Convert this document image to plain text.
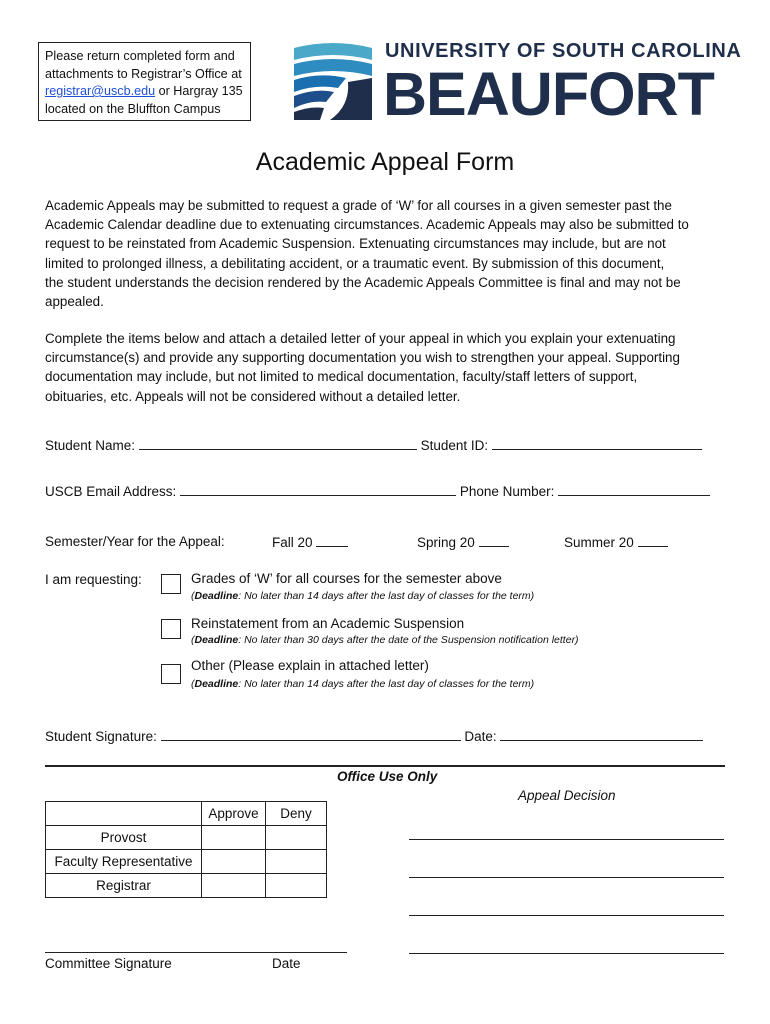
Please return completed form and
attachments to Registrar’s Office at
registrar@uscb.edu or Hargray 135
located on the Bluffton Campus
UNIVERSITY OF SOUTH CAROLINA
BEAUFORT
Academic Appeal Form
Academic Appeals may be submitted to request a grade of ‘W’ for all courses in a given semester past the
Academic Calendar deadline due to extenuating circumstances. Academic Appeals may also be submitted to
request to be reinstated from Academic Suspension. Extenuating circumstances may include, but are not
limited to prolonged illness, a debilitating accident, or a traumatic event. By submission of this document,
the student understands the decision rendered by the Academic Appeals Committee is final and may not be
appealed.
Complete the items below and attach a detailed letter of your appeal in which you explain your extenuating
circumstance(s) and provide any supporting documentation you wish to strengthen your appeal. Supporting
documentation may include, but not limited to medical documentation, faculty/staff letters of support,
obituaries, etc. Appeals will not be considered without a detailed letter.
Student Name:	Student ID:
USCB Email Address:	Phone Number:
Semester/Year for the Appeal:	Fall 20	Spring 20	Summer 20
I am requesting:	Grades of ‘W’ for all courses for the semester above
(Deadline: No later than 14 days after the last day of classes for the term)
Reinstatement from an Academic Suspension
(Deadline: No later than 30 days after the date of the Suspension notification letter)
Other (Please explain in attached letter)
(Deadline: No later than 14 days after the last day of classes for the term)
Student Signature:	Date:
Office Use Only
Appeal Decision
	Approve	Deny
Provost		
Faculty Representative		
Registrar		
Committee Signature	Date
